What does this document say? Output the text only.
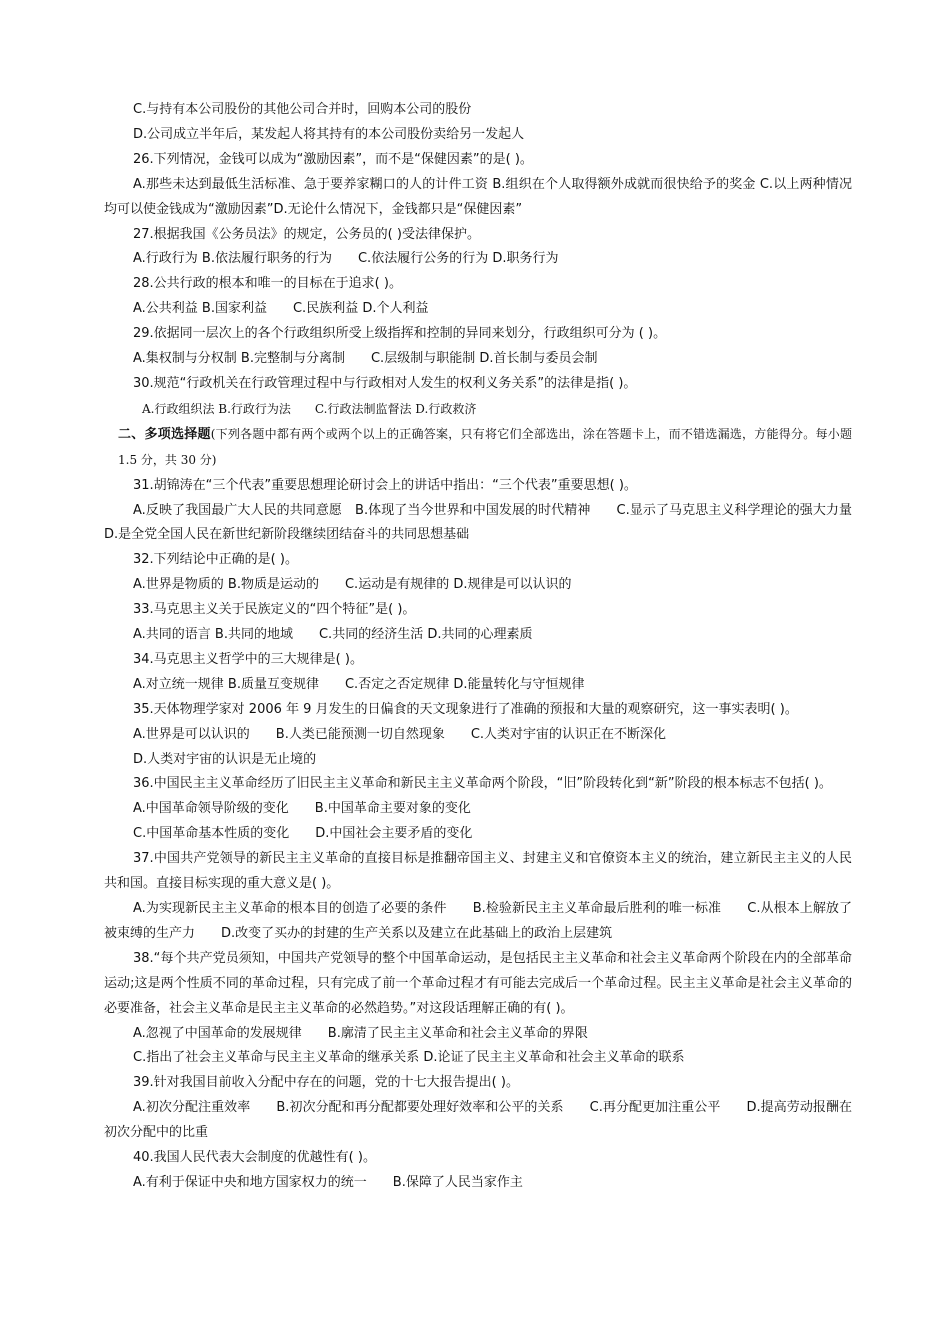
C.与持有本公司股份的其他公司合并时，回购本公司的股份
D.公司成立半年后，某发起人将其持有的本公司股份卖给另一发起人
26.下列情况，金钱可以成为“激励因素”，而不是“保健因素”的是( )。
A.那些未达到最低生活标准、急于要养家糊口的人的计件工资 B.组织在个人取得额外成就而很快给予的奖金 C.以上两种情况均可以使金钱成为“激励因素”D.无论什么情况下，金钱都只是“保健因素”
27.根据我国《公务员法》的规定，公务员的( )受法律保护。
A.行政行为 B.依法履行职务的行为　　C.依法履行公务的行为 D.职务行为
28.公共行政的根本和唯一的目标在于追求( )。
A.公共利益 B.国家利益　　C.民族利益 D.个人利益
29.依据同一层次上的各个行政组织所受上级指挥和控制的异同来划分，行政组织可分为 ( )。
A.集权制与分权制 B.完整制与分离制　　C.层级制与职能制 D.首长制与委员会制
30.规范“行政机关在行政管理过程中与行政相对人发生的权利义务关系”的法律是指( )。
A.行政组织法 B.行政行为法　　C.行政法制监督法 D.行政救济
二、多项选择题(下列各题中都有两个或两个以上的正确答案，只有将它们全部选出，涂在答题卡上，而不错选漏选，方能得分。每小题 1.5 分，共 30 分)
31.胡锦涛在“三个代表”重要思想理论研讨会上的讲话中指出：“三个代表”重要思想( )。
A.反映了我国最广大人民的共同意愿　B.体现了当今世界和中国发展的时代精神　　C.显示了马克思主义科学理论的强大力量 D.是全党全国人民在新世纪新阶段继续团结奋斗的共同思想基础
32.下列结论中正确的是( )。
A.世界是物质的 B.物质是运动的　　C.运动是有规律的 D.规律是可以认识的
33.马克思主义关于民族定义的“四个特征”是( )。
A.共同的语言 B.共同的地域　　C.共同的经济生活 D.共同的心理素质
34.马克思主义哲学中的三大规律是( )。
A.对立统一规律 B.质量互变规律　　C.否定之否定规律 D.能量转化与守恒规律
35.天体物理学家对 2006 年 9 月发生的日偏食的天文现象进行了准确的预报和大量的观察研究，这一事实表明( )。
A.世界是可以认识的　　B.人类已能预测一切自然现象　　C.人类对宇宙的认识正在不断深化
D.人类对宇宙的认识是无止境的
36.中国民主主义革命经历了旧民主主义革命和新民主主义革命两个阶段，“旧”阶段转化到“新”阶段的根本标志不包括( )。
A.中国革命领导阶级的变化　　B.中国革命主要对象的变化
C.中国革命基本性质的变化　　D.中国社会主要矛盾的变化
37.中国共产党领导的新民主主义革命的直接目标是推翻帝国主义、封建主义和官僚资本主义的统治，建立新民主主义的人民共和国。直接目标实现的重大意义是( )。
A.为实现新民主主义革命的根本目的创造了必要的条件　　B.检验新民主主义革命最后胜利的唯一标准　　C.从根本上解放了被束缚的生产力　　D.改变了买办的封建的生产关系以及建立在此基础上的政治上层建筑
38.“每个共产党员须知，中国共产党领导的整个中国革命运动，是包括民主主义革命和社会主义革命两个阶段在内的全部革命运动;这是两个性质不同的革命过程，只有完成了前一个革命过程才有可能去完成后一个革命过程。民主主义革命是社会主义革命的必要准备，社会主义革命是民主主义革命的必然趋势。”对这段话理解正确的有( )。
A.忽视了中国革命的发展规律　　B.廓清了民主主义革命和社会主义革命的界限
C.指出了社会主义革命与民主主义革命的继承关系 D.论证了民主主义革命和社会主义革命的联系
39.针对我国目前收入分配中存在的问题，党的十七大报告提出( )。
A.初次分配注重效率　　B.初次分配和再分配都要处理好效率和公平的关系　　C.再分配更加注重公平　　D.提高劳动报酬在初次分配中的比重
40.我国人民代表大会制度的优越性有( )。
A.有利于保证中央和地方国家权力的统一　　B.保障了人民当家作主
